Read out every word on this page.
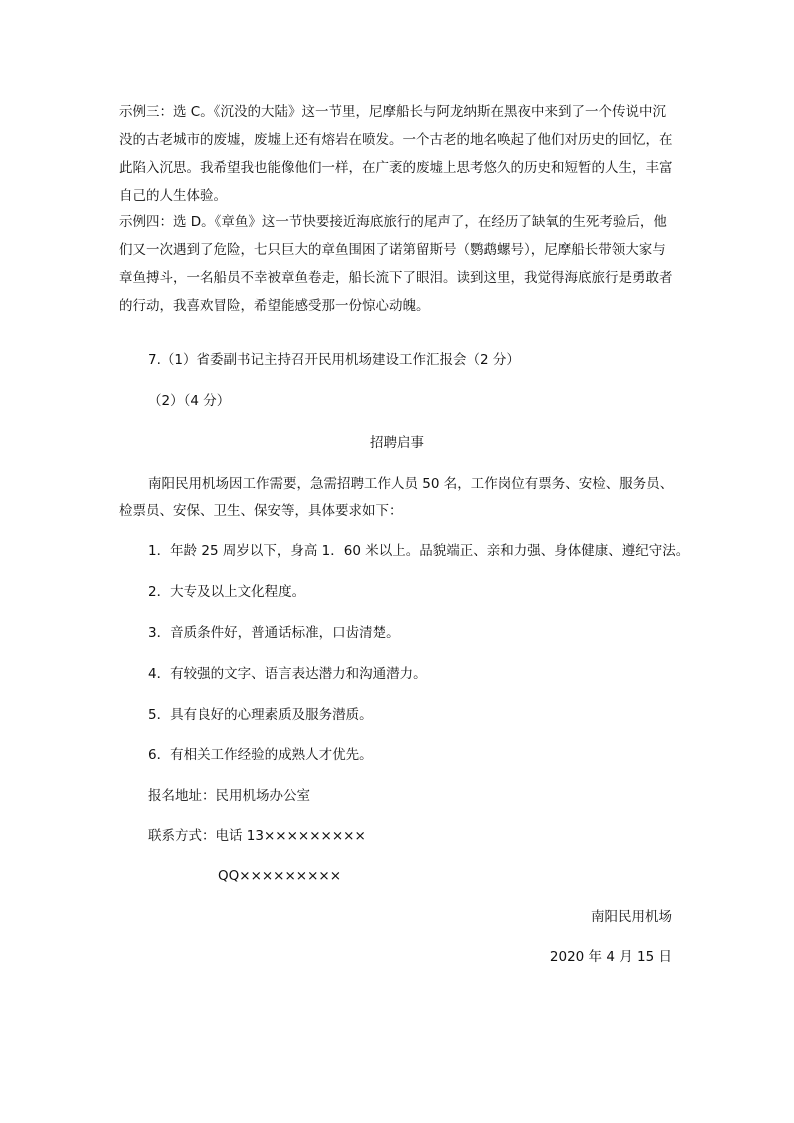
示例三：选 C。《沉没的大陆》这一节里，尼摩船长与阿龙纳斯在黑夜中来到了一个传说中沉没的古老城市的废墟，废墟上还有熔岩在喷发。一个古老的地名唤起了他们对历史的回忆，在此陷入沉思。我希望我也能像他们一样，在广袤的废墟上思考悠久的历史和短暂的人生，丰富自己的人生体验。

示例四：选 D。《章鱼》这一节快要接近海底旅行的尾声了，在经历了缺氧的生死考验后，他们又一次遇到了危险，七只巨大的章鱼围困了诺第留斯号（鹦鹉螺号），尼摩船长带领大家与章鱼搏斗，一名船员不幸被章鱼卷走，船长流下了眼泪。读到这里，我觉得海底旅行是勇敢者的行动，我喜欢冒险，希望能感受那一份惊心动魄。

7.（1）省委副书记主持召开民用机场建设工作汇报会（2 分）

（2）（4 分）

招聘启事

南阳民用机场因工作需要，急需招聘工作人员 50 名，工作岗位有票务、安检、服务员、

检票员、安保、卫生、保安等，具体要求如下：

1．年龄 25 周岁以下，身高 1．60 米以上。品貌端正、亲和力强、身体健康、遵纪守法。

2．大专及以上文化程度。

3．音质条件好，普通话标准，口齿清楚。

4．有较强的文字、语言表达潜力和沟通潜力。

5．具有良好的心理素质及服务潜质。

6．有相关工作经验的成熟人才优先。

报名地址：民用机场办公室

联系方式：电话 13×××××××××

QQ×××××××××

南阳民用机场

2020 年 4 月 15 日
